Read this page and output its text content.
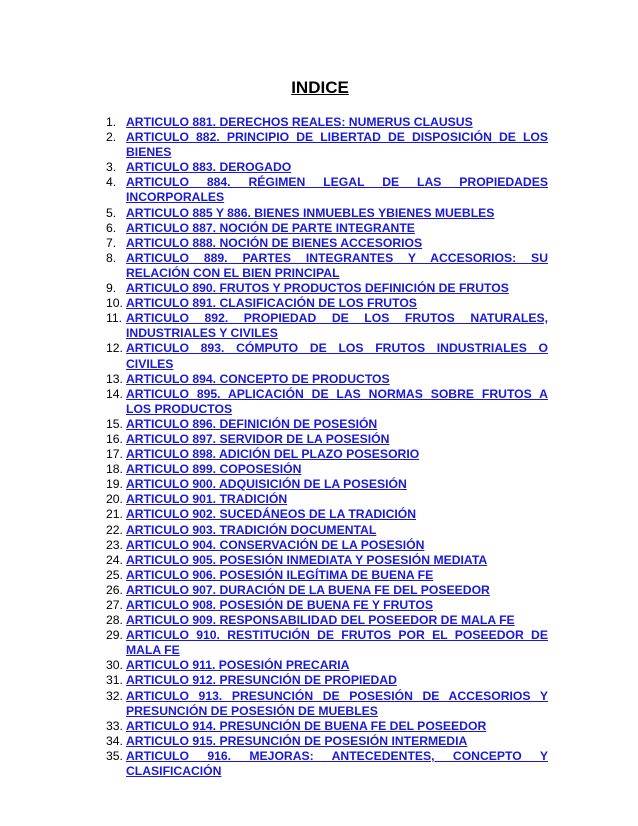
INDICE
1. ARTICULO 881. DERECHOS REALES: NUMERUS CLAUSUS
2. ARTICULO 882. PRINCIPIO DE LIBERTAD DE DISPOSICIÓN DE LOS
BIENES
3. ARTICULO 883. DEROGADO
4. ARTICULO 884. RÉGIMEN LEGAL DE LAS PROPIEDADES
INCORPORALES
5. ARTICULO 885 Y 886. BIENES INMUEBLES YBIENES MUEBLES
6. ARTICULO 887. NOCIÓN DE PARTE INTEGRANTE
7. ARTICULO 888. NOCIÓN DE BIENES ACCESORIOS
8. ARTICULO 889. PARTES INTEGRANTES Y ACCESORIOS: SU
RELACIÓN CON EL BIEN PRINCIPAL
9. ARTICULO 890. FRUTOS Y PRODUCTOS DEFINICIÓN DE FRUTOS
10. ARTICULO 891. CLASIFICACIÓN DE LOS FRUTOS
11. ARTICULO 892. PROPIEDAD DE LOS FRUTOS NATURALES,
INDUSTRIALES Y CIVILES
12. ARTICULO 893. CÓMPUTO DE LOS FRUTOS INDUSTRIALES O
CIVILES
13. ARTICULO 894. CONCEPTO DE PRODUCTOS
14. ARTICULO 895. APLICACIÓN DE LAS NORMAS SOBRE FRUTOS A
LOS PRODUCTOS
15. ARTICULO 896. DEFINICIÓN DE POSESIÓN
16. ARTICULO 897. SERVIDOR DE LA POSESIÓN
17. ARTICULO 898. ADICIÓN DEL PLAZO POSESORIO
18. ARTICULO 899. COPOSESIÓN
19. ARTICULO 900. ADQUISICIÓN DE LA POSESIÓN
20. ARTICULO 901. TRADICIÓN
21. ARTICULO 902. SUCEDÁNEOS DE LA TRADICIÓN
22. ARTICULO 903. TRADICIÓN DOCUMENTAL
23. ARTICULO 904. CONSERVACIÓN DE LA POSESIÓN
24. ARTICULO 905. POSESIÓN INMEDIATA Y POSESIÓN MEDIATA
25. ARTICULO 906. POSESIÓN ILEGÍTIMA DE BUENA FE
26. ARTICULO 907. DURACIÓN DE LA BUENA FE DEL POSEEDOR
27. ARTICULO 908. POSESIÓN DE BUENA FE Y FRUTOS
28. ARTICULO 909. RESPONSABILIDAD DEL POSEEDOR DE MALA FE
29. ARTICULO 910. RESTITUCIÓN DE FRUTOS POR EL POSEEDOR DE
MALA FE
30. ARTICULO 911. POSESIÓN PRECARIA
31. ARTICULO 912. PRESUNCIÓN DE PROPIEDAD
32. ARTICULO 913. PRESUNCIÓN DE POSESIÓN DE ACCESORIOS Y
PRESUNCIÓN DE POSESIÓN DE MUEBLES
33. ARTICULO 914. PRESUNCIÓN DE BUENA FE DEL POSEEDOR
34. ARTICULO 915. PRESUNCIÓN DE POSESIÓN INTERMEDIA
35. ARTICULO 916. MEJORAS: ANTECEDENTES, CONCEPTO Y
CLASIFICACIÓN
